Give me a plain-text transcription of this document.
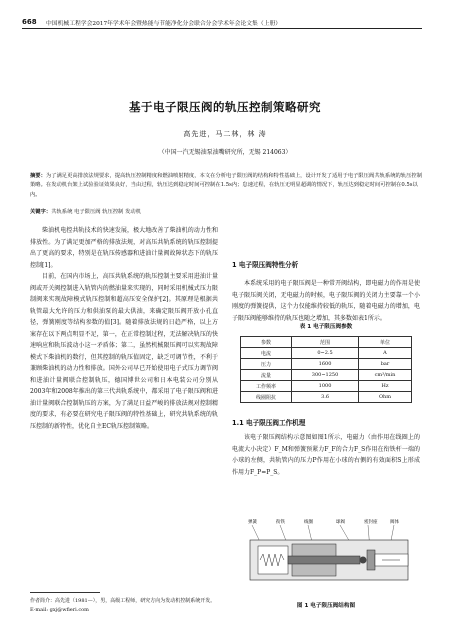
668 中国机械工程学会2017年学术年会暨热能与节能净化分会联合分会学术年会论文集（上册）
基于电子限压阀的轨压控制策略研究
高先进，马二林，林 涛
（中国一汽无锡油泵油嘴研究所，无锡 214063）
摘要：为了满足更高排放法规要求，提高轨压控制精度和燃油喷射精度，本文在分析电子限压阀的结构和特性基础上，设计开发了适用于电子限压阀共轨系统的轨压控制策略。在发动机台架上试验验证效果良好，当由过程，轨压达到稳定时间可控制在1.5s内；怠速过程，在轨压无明显超调的情况下，轨压达到稳定时间可控制在0.5s以内。
关键字：共轨系统 电子限压阀 轨压控制 发动机

柴油机电控共轨技术的快速发展，极大地改善了柴油机的动力性和排放性。为了满足更加严格的排放法规，对高压共轨系统的轨压控制提出了更高的要求，特别是在轨压传感器和进油计量阀故障状态下的轨压控制[1]。

目前，在国内市场上，高压共轨系统的轨压控制主要采用进油计量阀或开关阀控制进入轨管内的燃油量来实现的，同时采用机械式压力限制阀来实现故障模式轨压控制和超高压安全保护[2]。其原理是根据共轨管最大允许的压力和供油泵的最大供油，来确定限压阀开放小孔直径，弹簧刚度等结构参数的值[3]。随着排放法规的日趋严格，以上方案存在以下两点明显不足，第一，在正常控制过程，无法解决轨压的快速响应和轨压波动小这一矛盾体；第二，虽然机械限压阀可以实现故障模式下柴油机的数行，但其控制的轨压值固定，缺乏可调节性，不利于兼顾柴油机的动力性和排放。国外公司早已开始使用电子式压力调节阀和进油计量阀联合控制轨压，德国博世公司和日本电装公司分别从2003年和2008年推出的第三代共轨系统中，都采用了电子限压阀和进油计量阀联合控制轨压的方案，为了满足日益严峻的排放法规对控制精度的要求，有必要在研究电子限压阀的特性基础上，研究共轨系统的轨压控制的新特性，优化自主EC轨压控制策略。

1 电子限压阀特性分析

本系统采用的电子限压阀是一种常开阀结构，即电磁力的作用是使电子限压阀关闭，无电磁力的时候，电子限压阀的关闭力主要靠一个小刚度的弹簧提供，这个力仅能维持较低的轨压，随着电磁力的增加，电子限压阀能够维持的轨压也随之增加，其多数如表1所示。

表 1 电子限压阀参数
参数	范围	单位
电流	0~2.5	A
压力	1600	bar
流量	300~1250	cm³/min
工作频率	1000	Hz
线圈阻抗	3.6	Ohm
1.1 电子限压阀工作机理

该电子限压阀结构示意图如图1所示，电磁力（由作用在线圈上的电流大小决定）F_M和弹簧预紧力F_F的合力F_S作用在衔铁杆一端的小球的左侧，共轨管内的压力P作用在小球的右侧的有效面积S上形成作用力F_P=P_S。

弹簧	衔铁	线圈	球阀	密封座	阀体
图 1 电子限压阀结构图
作者简介：高先进（1981—），男，高级工程师，研究方向为发动机控制系统开发。
E-mail: gxj@wfieri.com
